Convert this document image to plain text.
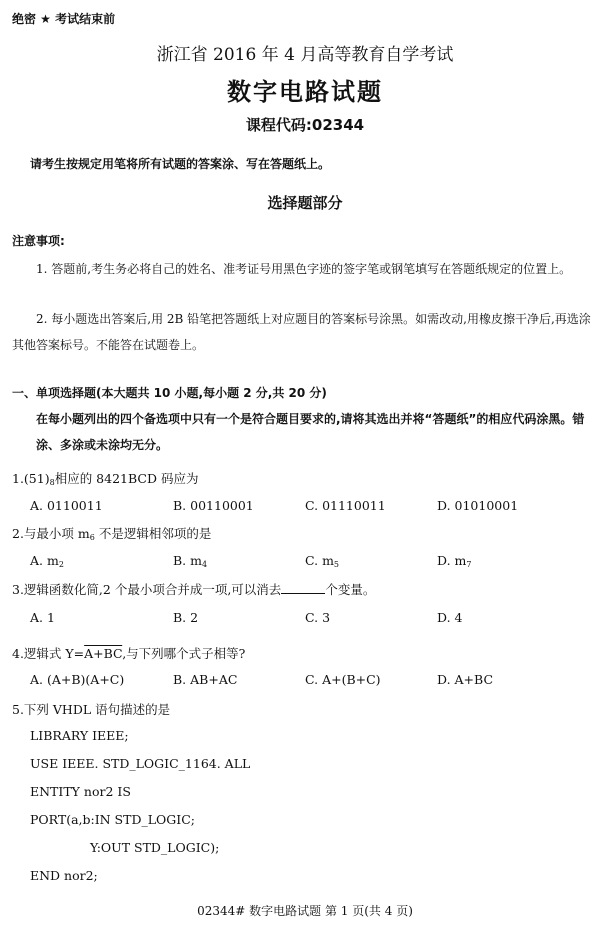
绝密 ★ 考试结束前
浙江省 2016 年 4 月高等教育自学考试
数字电路试题
课程代码:02344
请考生按规定用笔将所有试题的答案涂、写在答题纸上。
选择题部分
注意事项:
1. 答题前,考生务必将自己的姓名、准考证号用黑色字迹的签字笔或钢笔填写在答题纸规定的位置上。
2. 每小题选出答案后,用 2B 铅笔把答题纸上对应题目的答案标号涂黑。如需改动,用橡皮擦干净后,再选涂其他答案标号。不能答在试题卷上。
一、单项选择题(本大题共 10 小题,每小题 2 分,共 20 分)
在每小题列出的四个备选项中只有一个是符合题目要求的,请将其选出并将“答题纸”的相应代码涂黑。错涂、多涂或未涂均无分。
$1.(51)_8$相应的 8421BCD 码应为
A. 0110011	B. 00110001	C. 01110011	D. 01010001
2.与最小项 $m_6$ 不是逻辑相邻项的是
A. $m_2$	B. $m_4$	C. $m_5$	D. $m_7$
3.逻辑函数化简,2 个最小项合并成一项,可以消去	个变量。
A. 1	B. 2	C. 3	D. 4
4.逻辑式 Y=A+BC,与下列哪个式子相等?
A. (A+B)(A+C)	B. AB+AC	C. A+(B+C)	D. A+BC
5.下列 VHDL 语句描述的是
LIBRARY IEEE;
USE IEEE. STD_LOGIC_1164. ALL
ENTITY nor2 IS
PORT(a,b:IN STD_LOGIC;
Y:OUT STD_LOGIC);
END nor2;
02344# 数字电路试题 第 1 页(共 4 页)
